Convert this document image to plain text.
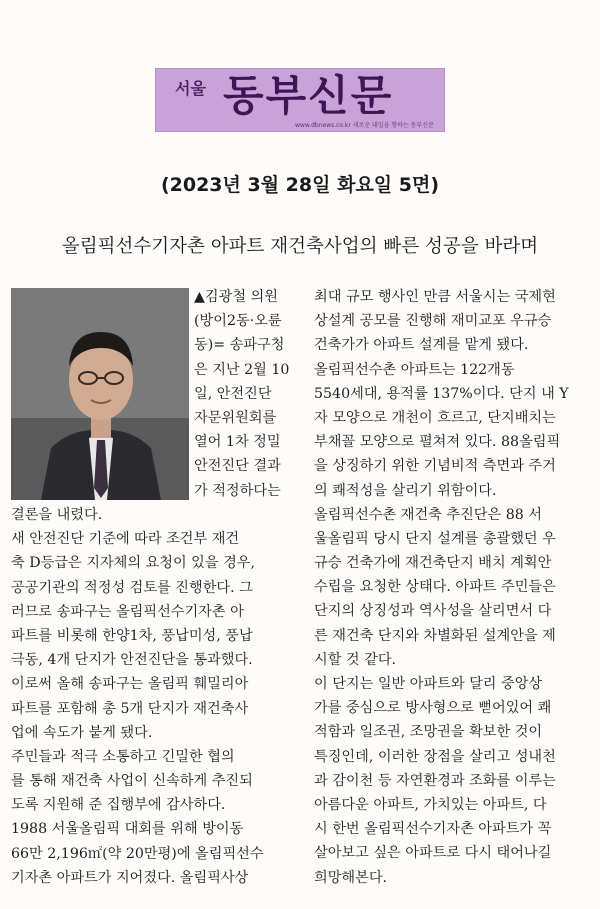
서울 동부신문
www.dbnews.co.kr 새로운 내일을 향하는 동부신문
(2023년 3월 28일 화요일 5면)
올림픽선수기자촌 아파트 재건축사업의 빠른 성공을 바라며
▲김광철 의원
(방이2동·오륜
동)= 송파구청
은 지난 2월 10
일, 안전진단
자문위원회를
열어 1차 정밀
안전진단 결과
가 적정하다는
결론을 내렸다.
새 안전진단 기준에 따라 조건부 재건
축 D등급은 지자체의 요청이 있을 경우,
공공기관의 적정성 검토를 진행한다. 그
러므로 송파구는 올림픽선수기자촌 아
파트를 비롯해 한양1차, 풍납미성, 풍납
극동, 4개 단지가 안전진단을 통과했다.
이로써 올해 송파구는 올림픽 훼밀리아
파트를 포함해 총 5개 단지가 재건축사
업에 속도가 붙게 됐다.
주민들과 적극 소통하고 긴밀한 협의
를 통해 재건축 사업이 신속하게 추진되
도록 지원해 준 집행부에 감사하다.
1988 서울올림픽 대회를 위해 방이동
66만 2,196㎡(약 20만평)에 올림픽선수
기자촌 아파트가 지어졌다. 올림픽사상
최대 규모 행사인 만큼 서울시는 국제현
상설계 공모를 진행해 재미교포 우규승
건축가가 아파트 설계를 맡게 됐다.
올림픽선수촌 아파트는 122개동
5540세대, 용적률 137%이다. 단지 내 Y
자 모양으로 개천이 흐르고, 단지배치는
부채꼴 모양으로 펼쳐져 있다. 88올림픽
을 상징하기 위한 기념비적 측면과 주거
의 쾌적성을 살리기 위함이다.
올림픽선수촌 재건축 추진단은 88 서
울올림픽 당시 단지 설계를 총괄했던 우
규승 건축가에 재건축단지 배치 계획안
수립을 요청한 상태다. 아파트 주민들은
단지의 상징성과 역사성을 살리면서 다
른 재건축 단지와 차별화된 설계안을 제
시할 것 같다.
이 단지는 일반 아파트와 달리 중앙상
가를 중심으로 방사형으로 뻗어있어 쾌
적함과 일조권, 조망권을 확보한 것이
특징인데, 이러한 장점을 살리고 성내천
과 감이천 등 자연환경과 조화를 이루는
아름다운 아파트, 가치있는 아파트, 다
시 한번 올림픽선수기자촌 아파트가 꼭
살아보고 싶은 아파트로 다시 태어나길
희망해본다.
